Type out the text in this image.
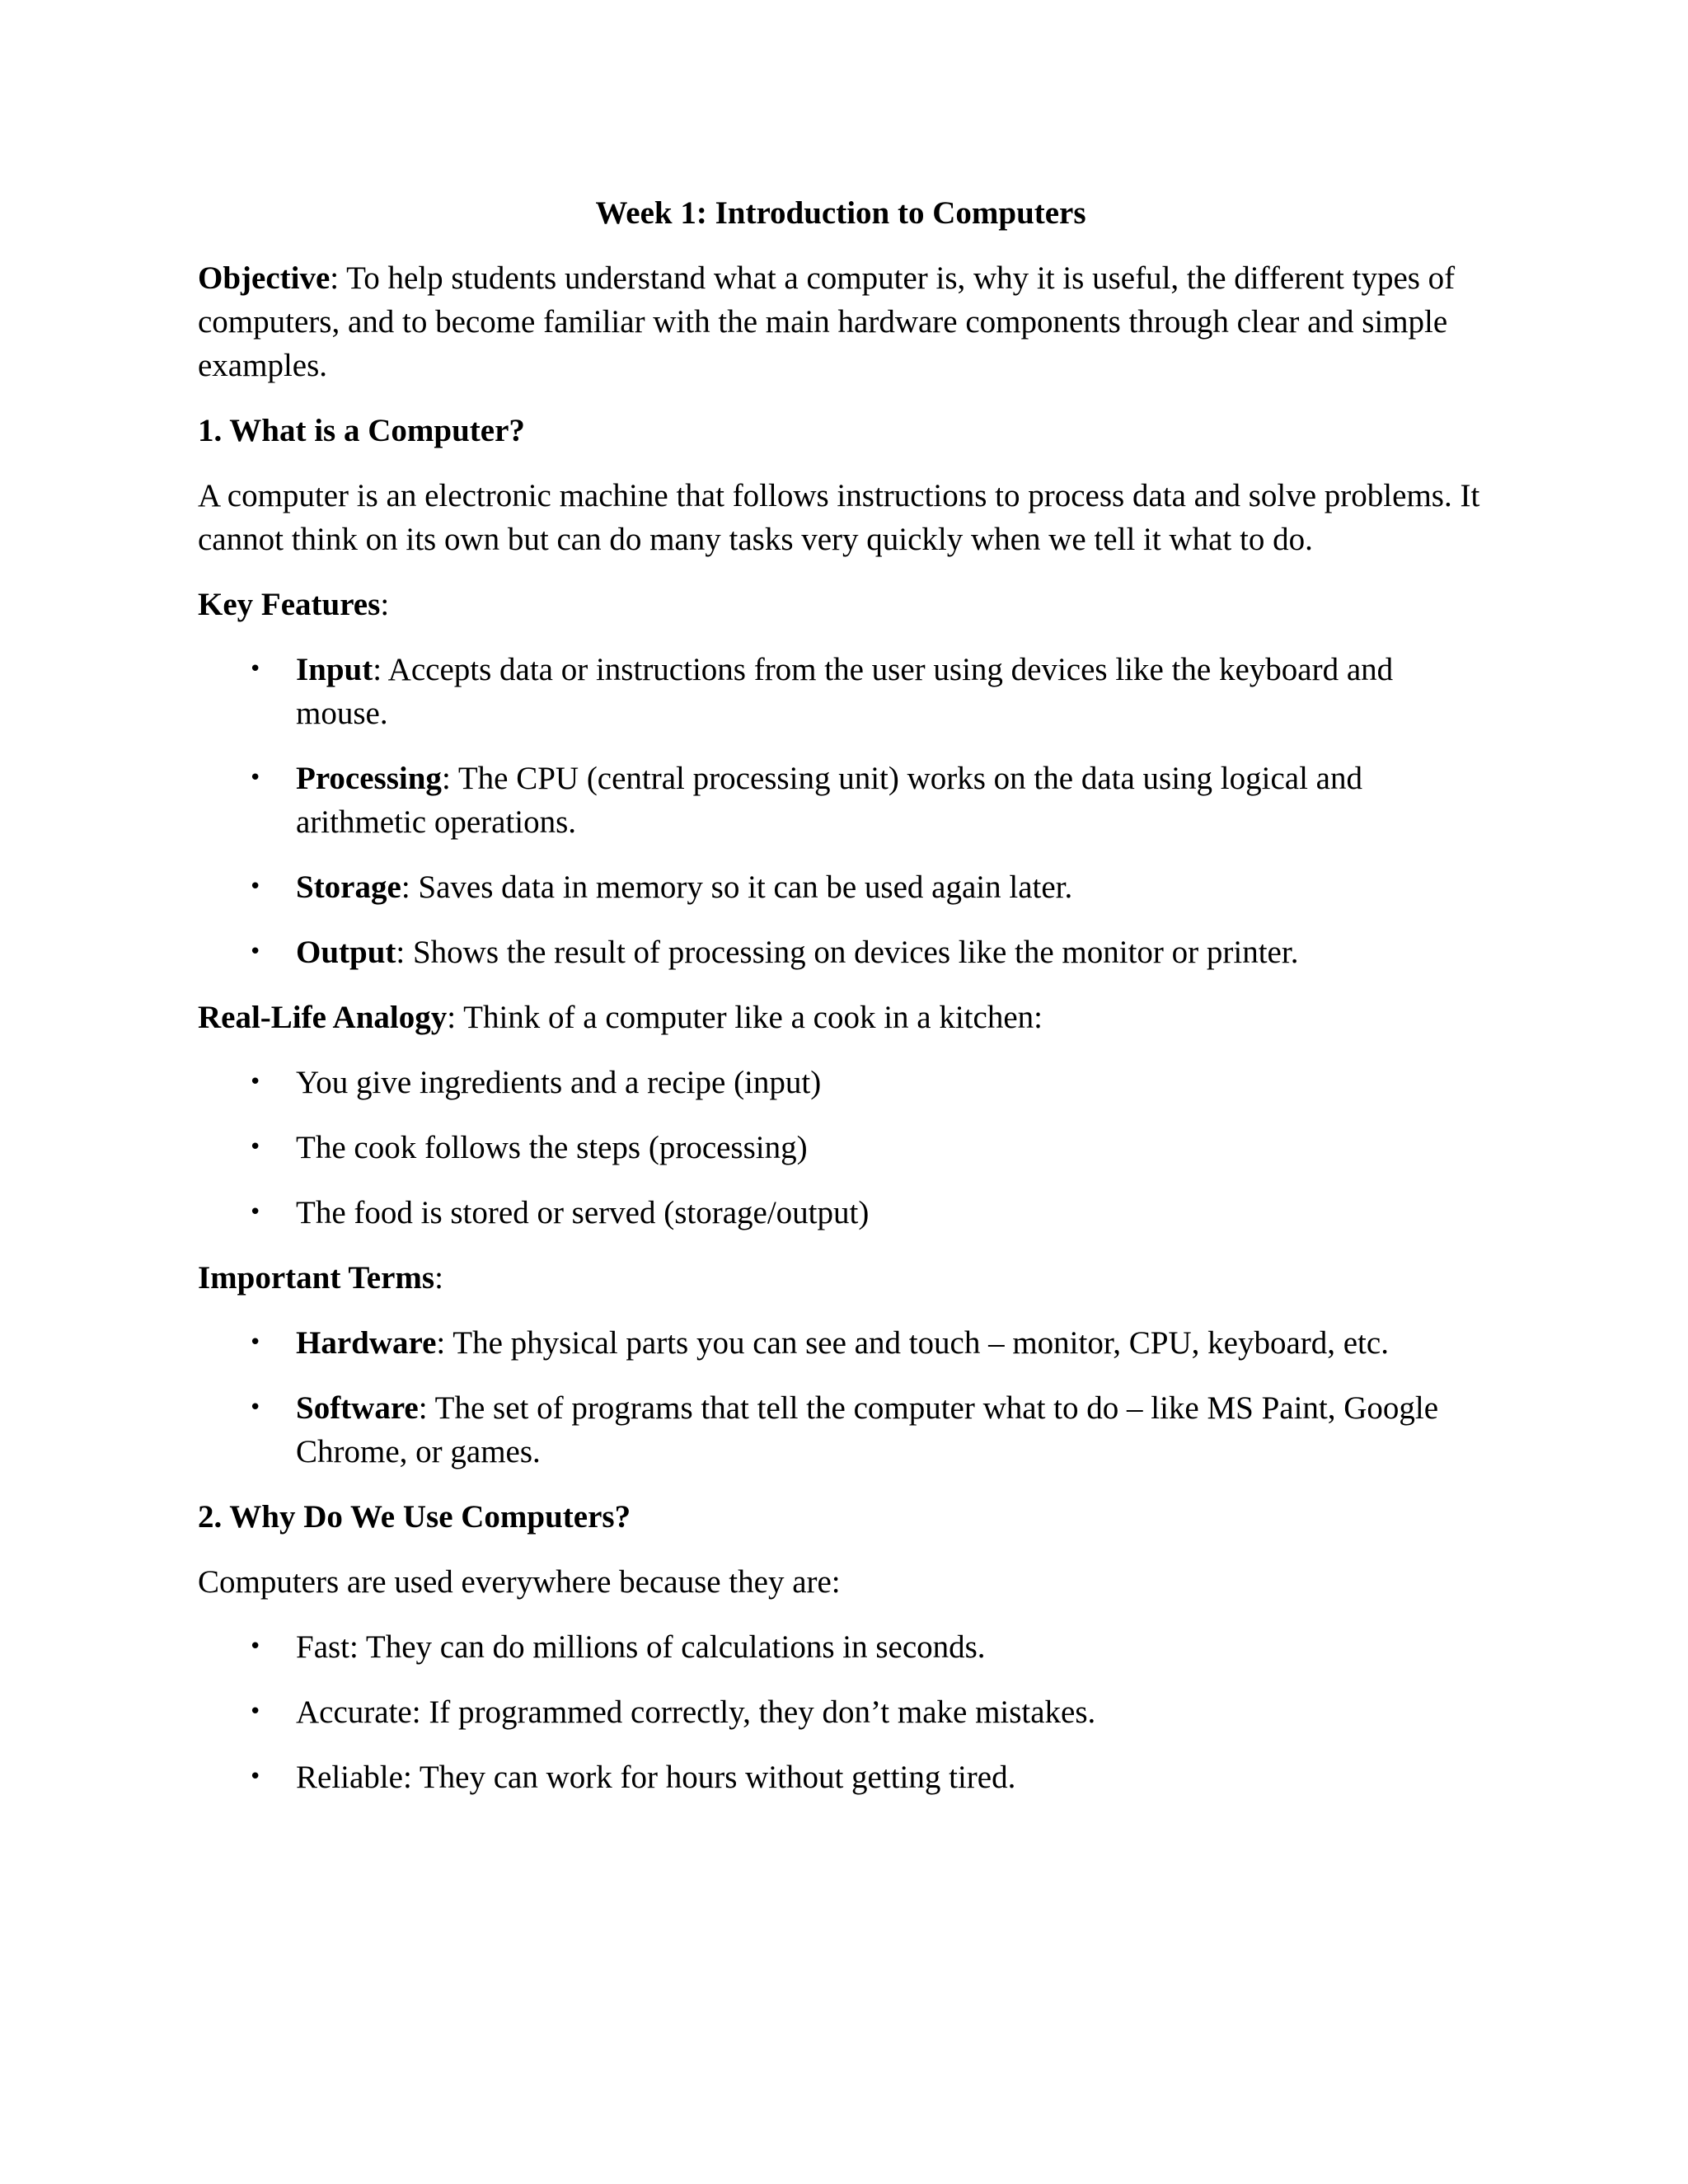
Week 1: Introduction to Computers

Objective: To help students understand what a computer is, why it is useful, the different types of computers, and to become familiar with the main hardware components through clear and simple examples.

1. What is a Computer?

A computer is an electronic machine that follows instructions to process data and solve problems. It cannot think on its own but can do many tasks very quickly when we tell it what to do.

Key Features:

• Input: Accepts data or instructions from the user using devices like the keyboard and mouse.
• Processing: The CPU (central processing unit) works on the data using logical and arithmetic operations.
• Storage: Saves data in memory so it can be used again later.
• Output: Shows the result of processing on devices like the monitor or printer.

Real-Life Analogy: Think of a computer like a cook in a kitchen:

• You give ingredients and a recipe (input)
• The cook follows the steps (processing)
• The food is stored or served (storage/output)

Important Terms:

• Hardware: The physical parts you can see and touch – monitor, CPU, keyboard, etc.
• Software: The set of programs that tell the computer what to do – like MS Paint, Google Chrome, or games.
2. Why Do We Use Computers?

Computers are used everywhere because they are:

• Fast: They can do millions of calculations in seconds.
• Accurate: If programmed correctly, they don’t make mistakes.
• Reliable: They can work for hours without getting tired.
